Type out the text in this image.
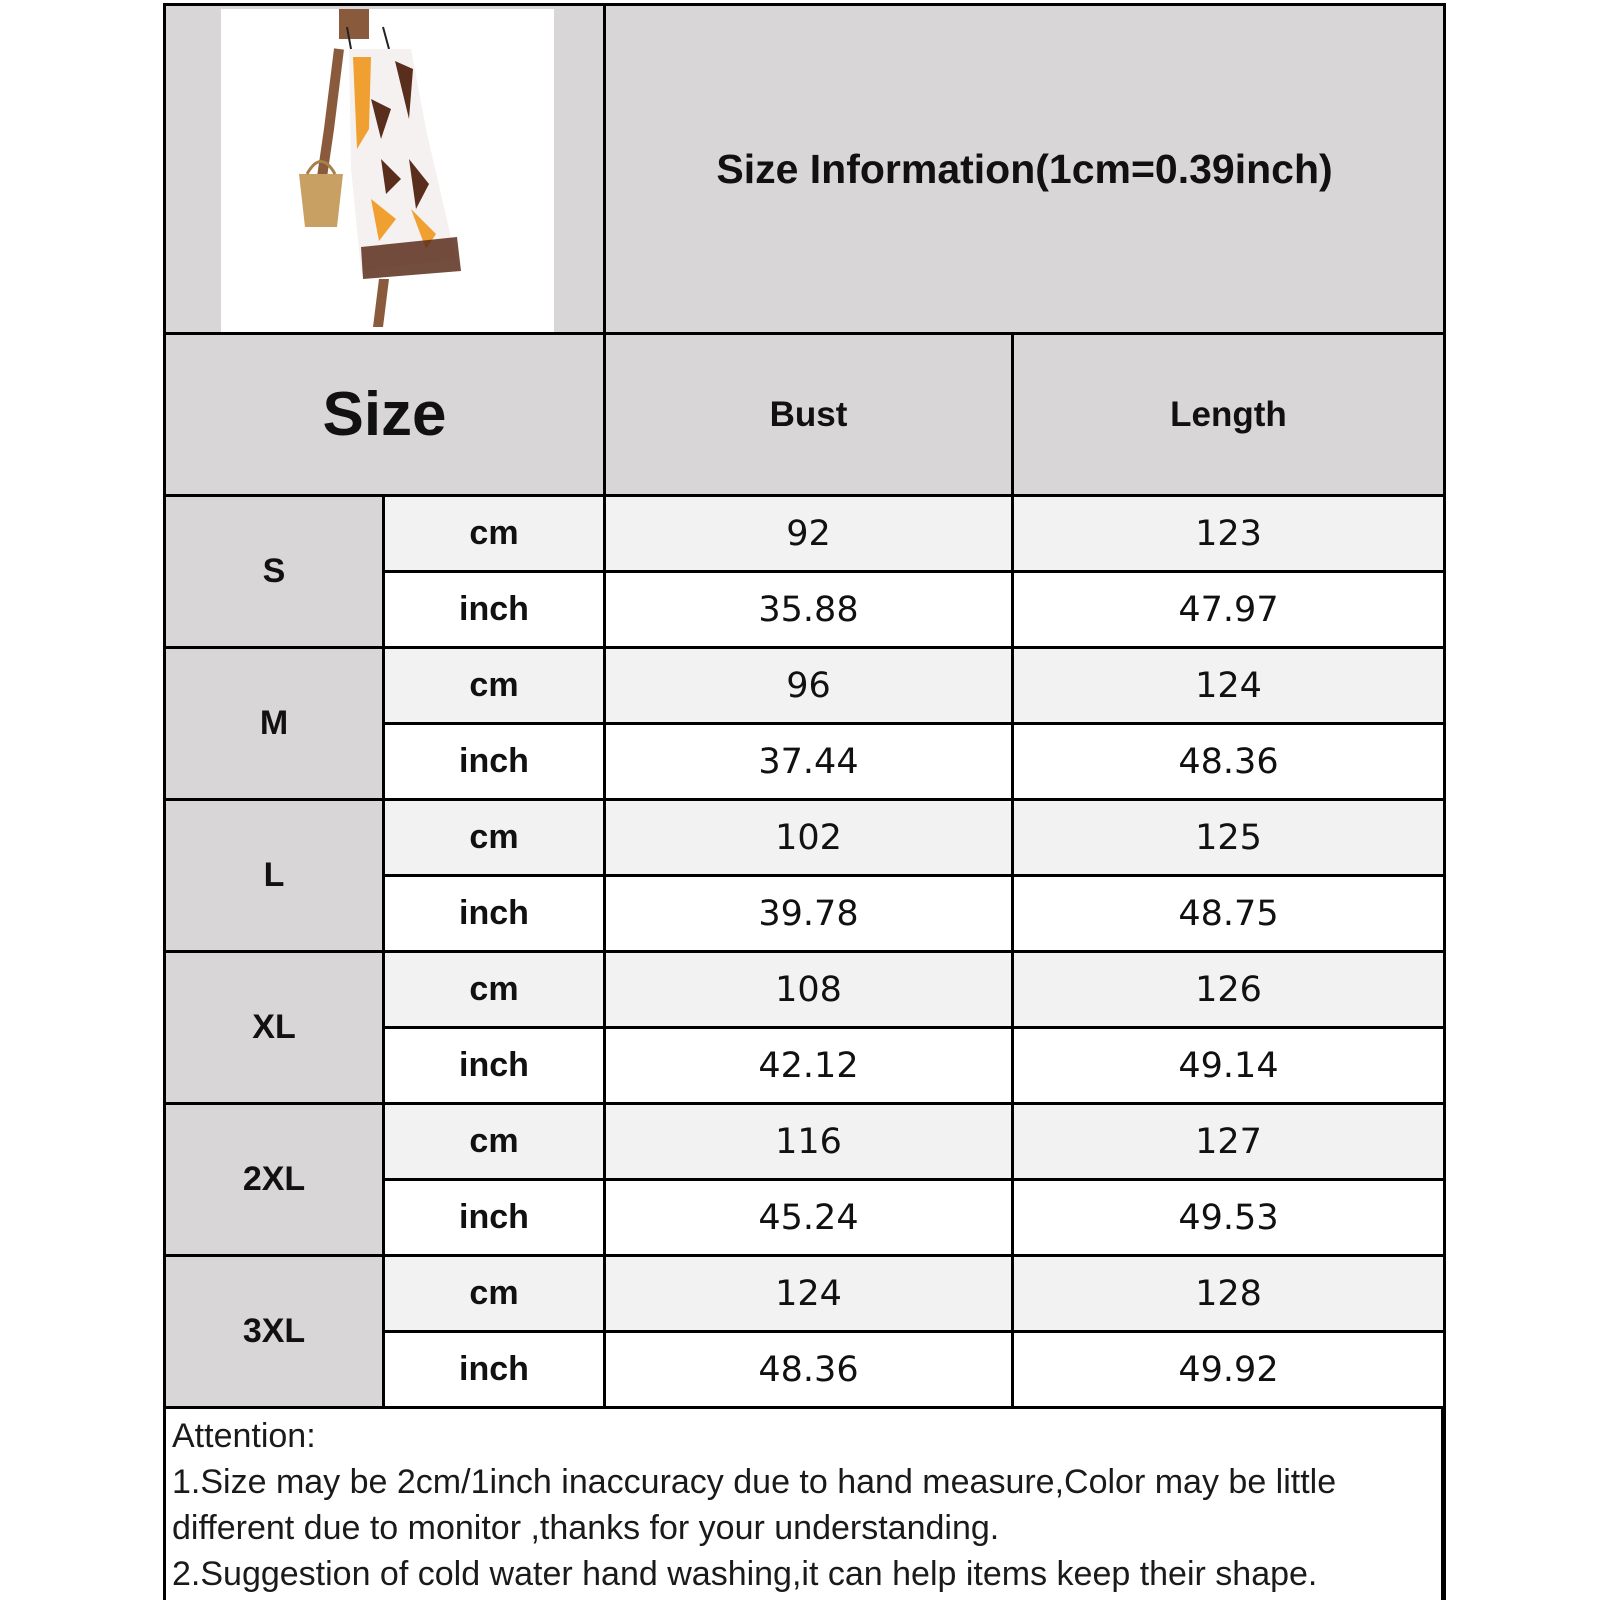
Size Information(1cm=0.39inch)
Size	Bust	Length
S
cm	92	123
inch	35.88	47.97
M
cm	96	124
inch	37.44	48.36
L
cm	102	125
inch	39.78	48.75
XL
cm	108	126
inch	42.12	49.14
2XL
cm	116	127
inch	45.24	49.53
3XL
cm	124	128
inch	48.36	49.92
Attention:
1.Size may be 2cm/1inch inaccuracy due to hand measure,Color may be little different due to monitor ,thanks for your understanding.
2.Suggestion of cold water hand washing,it can help items keep their shape.
